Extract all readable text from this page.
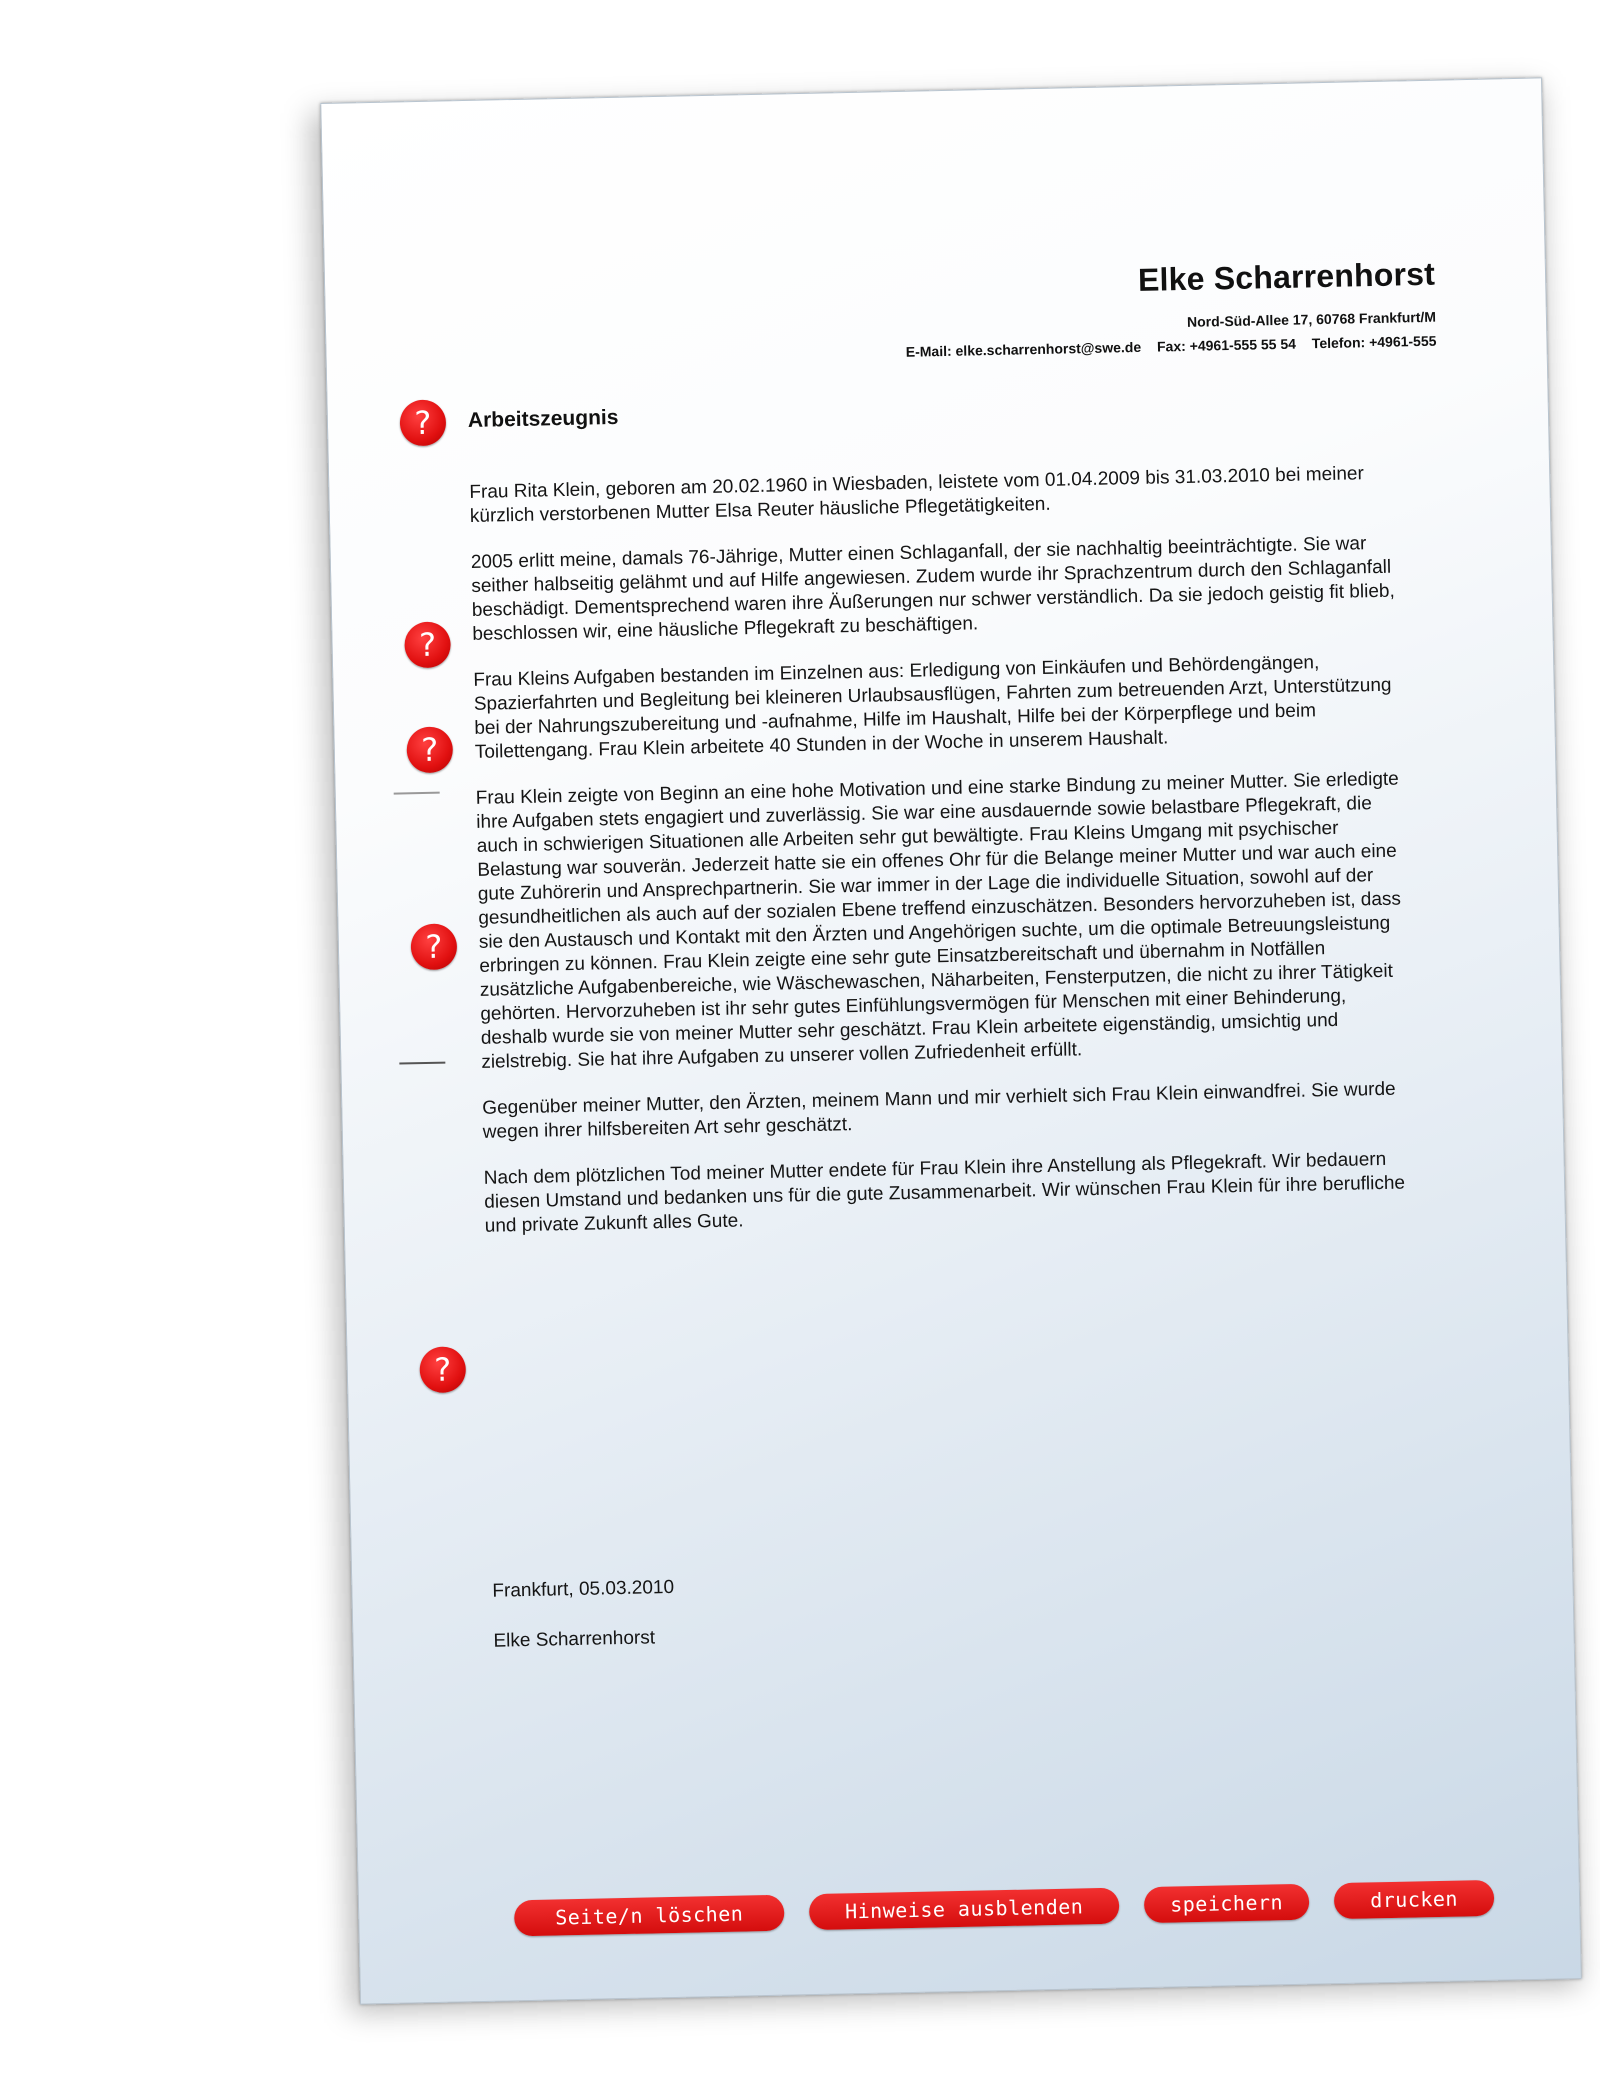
Elke Scharrenhorst
Nord-Süd-Allee 17, 60768 Frankfurt/M
E-Mail: elke.scharrenhorst@swe.de Fax: +4961-555 55 54 Telefon: +4961-555
?	Arbeitszeugnis
?
?
?
?

Frau Rita Klein, geboren am 20.02.1960 in Wiesbaden, leistete vom 01.04.2009 bis 31.03.2010 bei meiner kürzlich verstorbenen Mutter Elsa Reuter häusliche Pflegetätigkeiten.

2005 erlitt meine, damals 76-Jährige, Mutter einen Schlaganfall, der sie nachhaltig beeinträchtigte. Sie war seither halbseitig gelähmt und auf Hilfe angewiesen. Zudem wurde ihr Sprachzentrum durch den Schlaganfall beschädigt. Dementsprechend waren ihre Äußerungen nur schwer verständlich. Da sie jedoch geistig fit blieb, beschlossen wir, eine häusliche Pflegekraft zu beschäftigen.

Frau Kleins Aufgaben bestanden im Einzelnen aus: Erledigung von Einkäufen und Behördengängen, Spazierfahrten und Begleitung bei kleineren Urlaubsausflügen, Fahrten zum betreuenden Arzt, Unterstützung bei der Nahrungszubereitung und -aufnahme, Hilfe im Haushalt, Hilfe bei der Körperpflege und beim Toilettengang. Frau Klein arbeitete 40 Stunden in der Woche in unserem Haushalt.

Frau Klein zeigte von Beginn an eine hohe Motivation und eine starke Bindung zu meiner Mutter. Sie erledigte ihre Aufgaben stets engagiert und zuverlässig. Sie war eine ausdauernde sowie belastbare Pflegekraft, die auch in schwierigen Situationen alle Arbeiten sehr gut bewältigte. Frau Kleins Umgang mit psychischer Belastung war souverän. Jederzeit hatte sie ein offenes Ohr für die Belange meiner Mutter und war auch eine gute Zuhörerin und Ansprechpartnerin. Sie war immer in der Lage die individuelle Situation, sowohl auf der gesundheitlichen als auch auf der sozialen Ebene treffend einzuschätzen. Besonders hervorzuheben ist, dass sie den Austausch und Kontakt mit den Ärzten und Angehörigen suchte, um die optimale Betreuungsleistung erbringen zu können. Frau Klein zeigte eine sehr gute Einsatzbereitschaft und übernahm in Notfällen zusätzliche Aufgabenbereiche, wie Wäschewaschen, Näharbeiten, Fensterputzen, die nicht zu ihrer Tätigkeit gehörten. Hervorzuheben ist ihr sehr gutes Einfühlungsvermögen für Menschen mit einer Behinderung, deshalb wurde sie von meiner Mutter sehr geschätzt. Frau Klein arbeitete eigenständig, umsichtig und zielstrebig. Sie hat ihre Aufgaben zu unserer vollen Zufriedenheit erfüllt.

Gegenüber meiner Mutter, den Ärzten, meinem Mann und mir verhielt sich Frau Klein einwandfrei. Sie wurde wegen ihrer hilfsbereiten Art sehr geschätzt.

Nach dem plötzlichen Tod meiner Mutter endete für Frau Klein ihre Anstellung als Pflegekraft. Wir bedauern diesen Umstand und bedanken uns für die gute Zusammenarbeit. Wir wünschen Frau Klein für ihre berufliche und private Zukunft alles Gute.

Frankfurt, 05.03.2010
Elke Scharrenhorst
Seite/n löschen	Hinweise ausblenden	speichern	drucken
